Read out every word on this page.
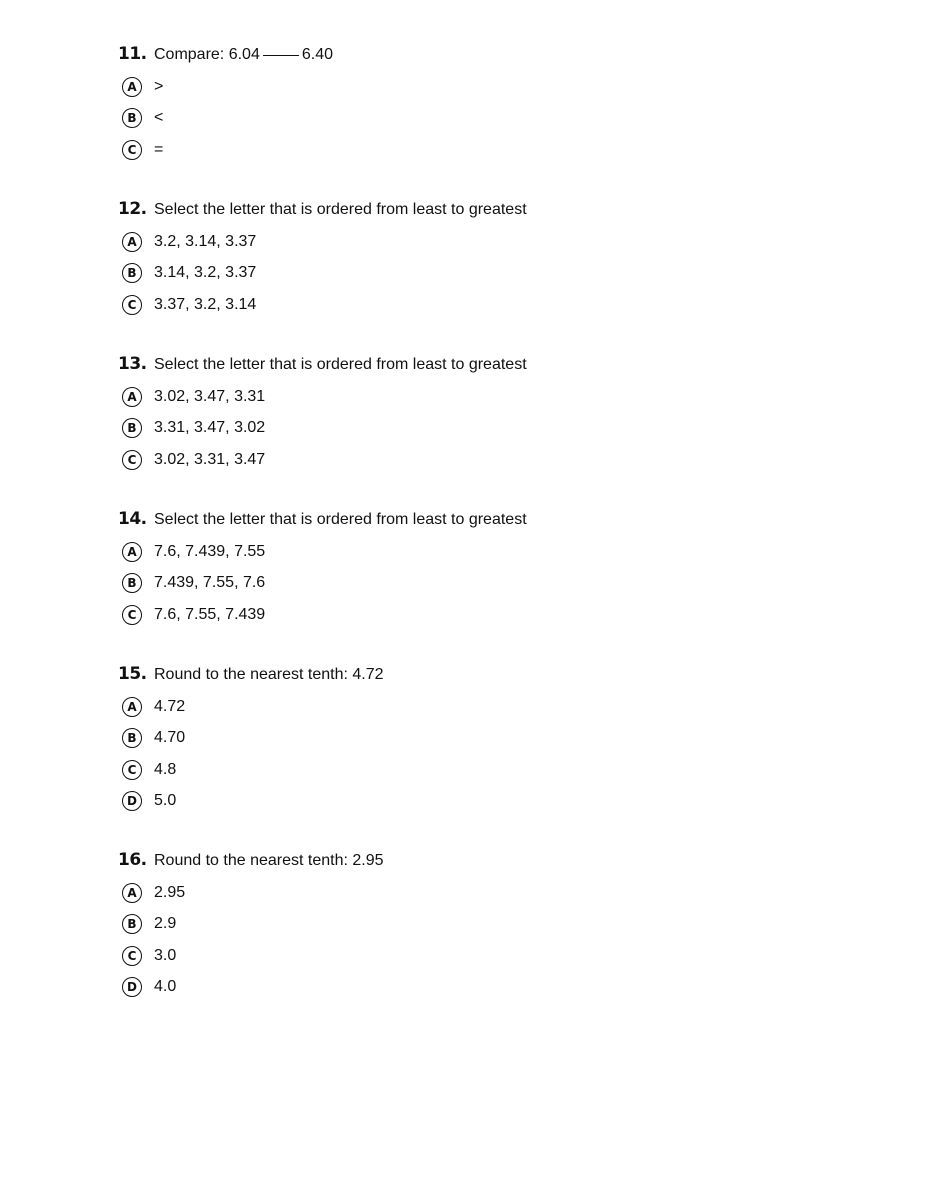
11. Compare: 6.04	6.40
A	>
B	<
C	=
12. Select the letter that is ordered from least to greatest
A	3.2, 3.14, 3.37
B	3.14, 3.2, 3.37
C	3.37, 3.2, 3.14
13. Select the letter that is ordered from least to greatest
A	3.02, 3.47, 3.31
B	3.31, 3.47, 3.02
C	3.02, 3.31, 3.47
14. Select the letter that is ordered from least to greatest
A	7.6, 7.439, 7.55
B	7.439, 7.55, 7.6
C	7.6, 7.55, 7.439
15. Round to the nearest tenth: 4.72
A	4.72
B	4.70
C	4.8
D	5.0
16. Round to the nearest tenth: 2.95
A	2.95
B	2.9
C	3.0
D	4.0
